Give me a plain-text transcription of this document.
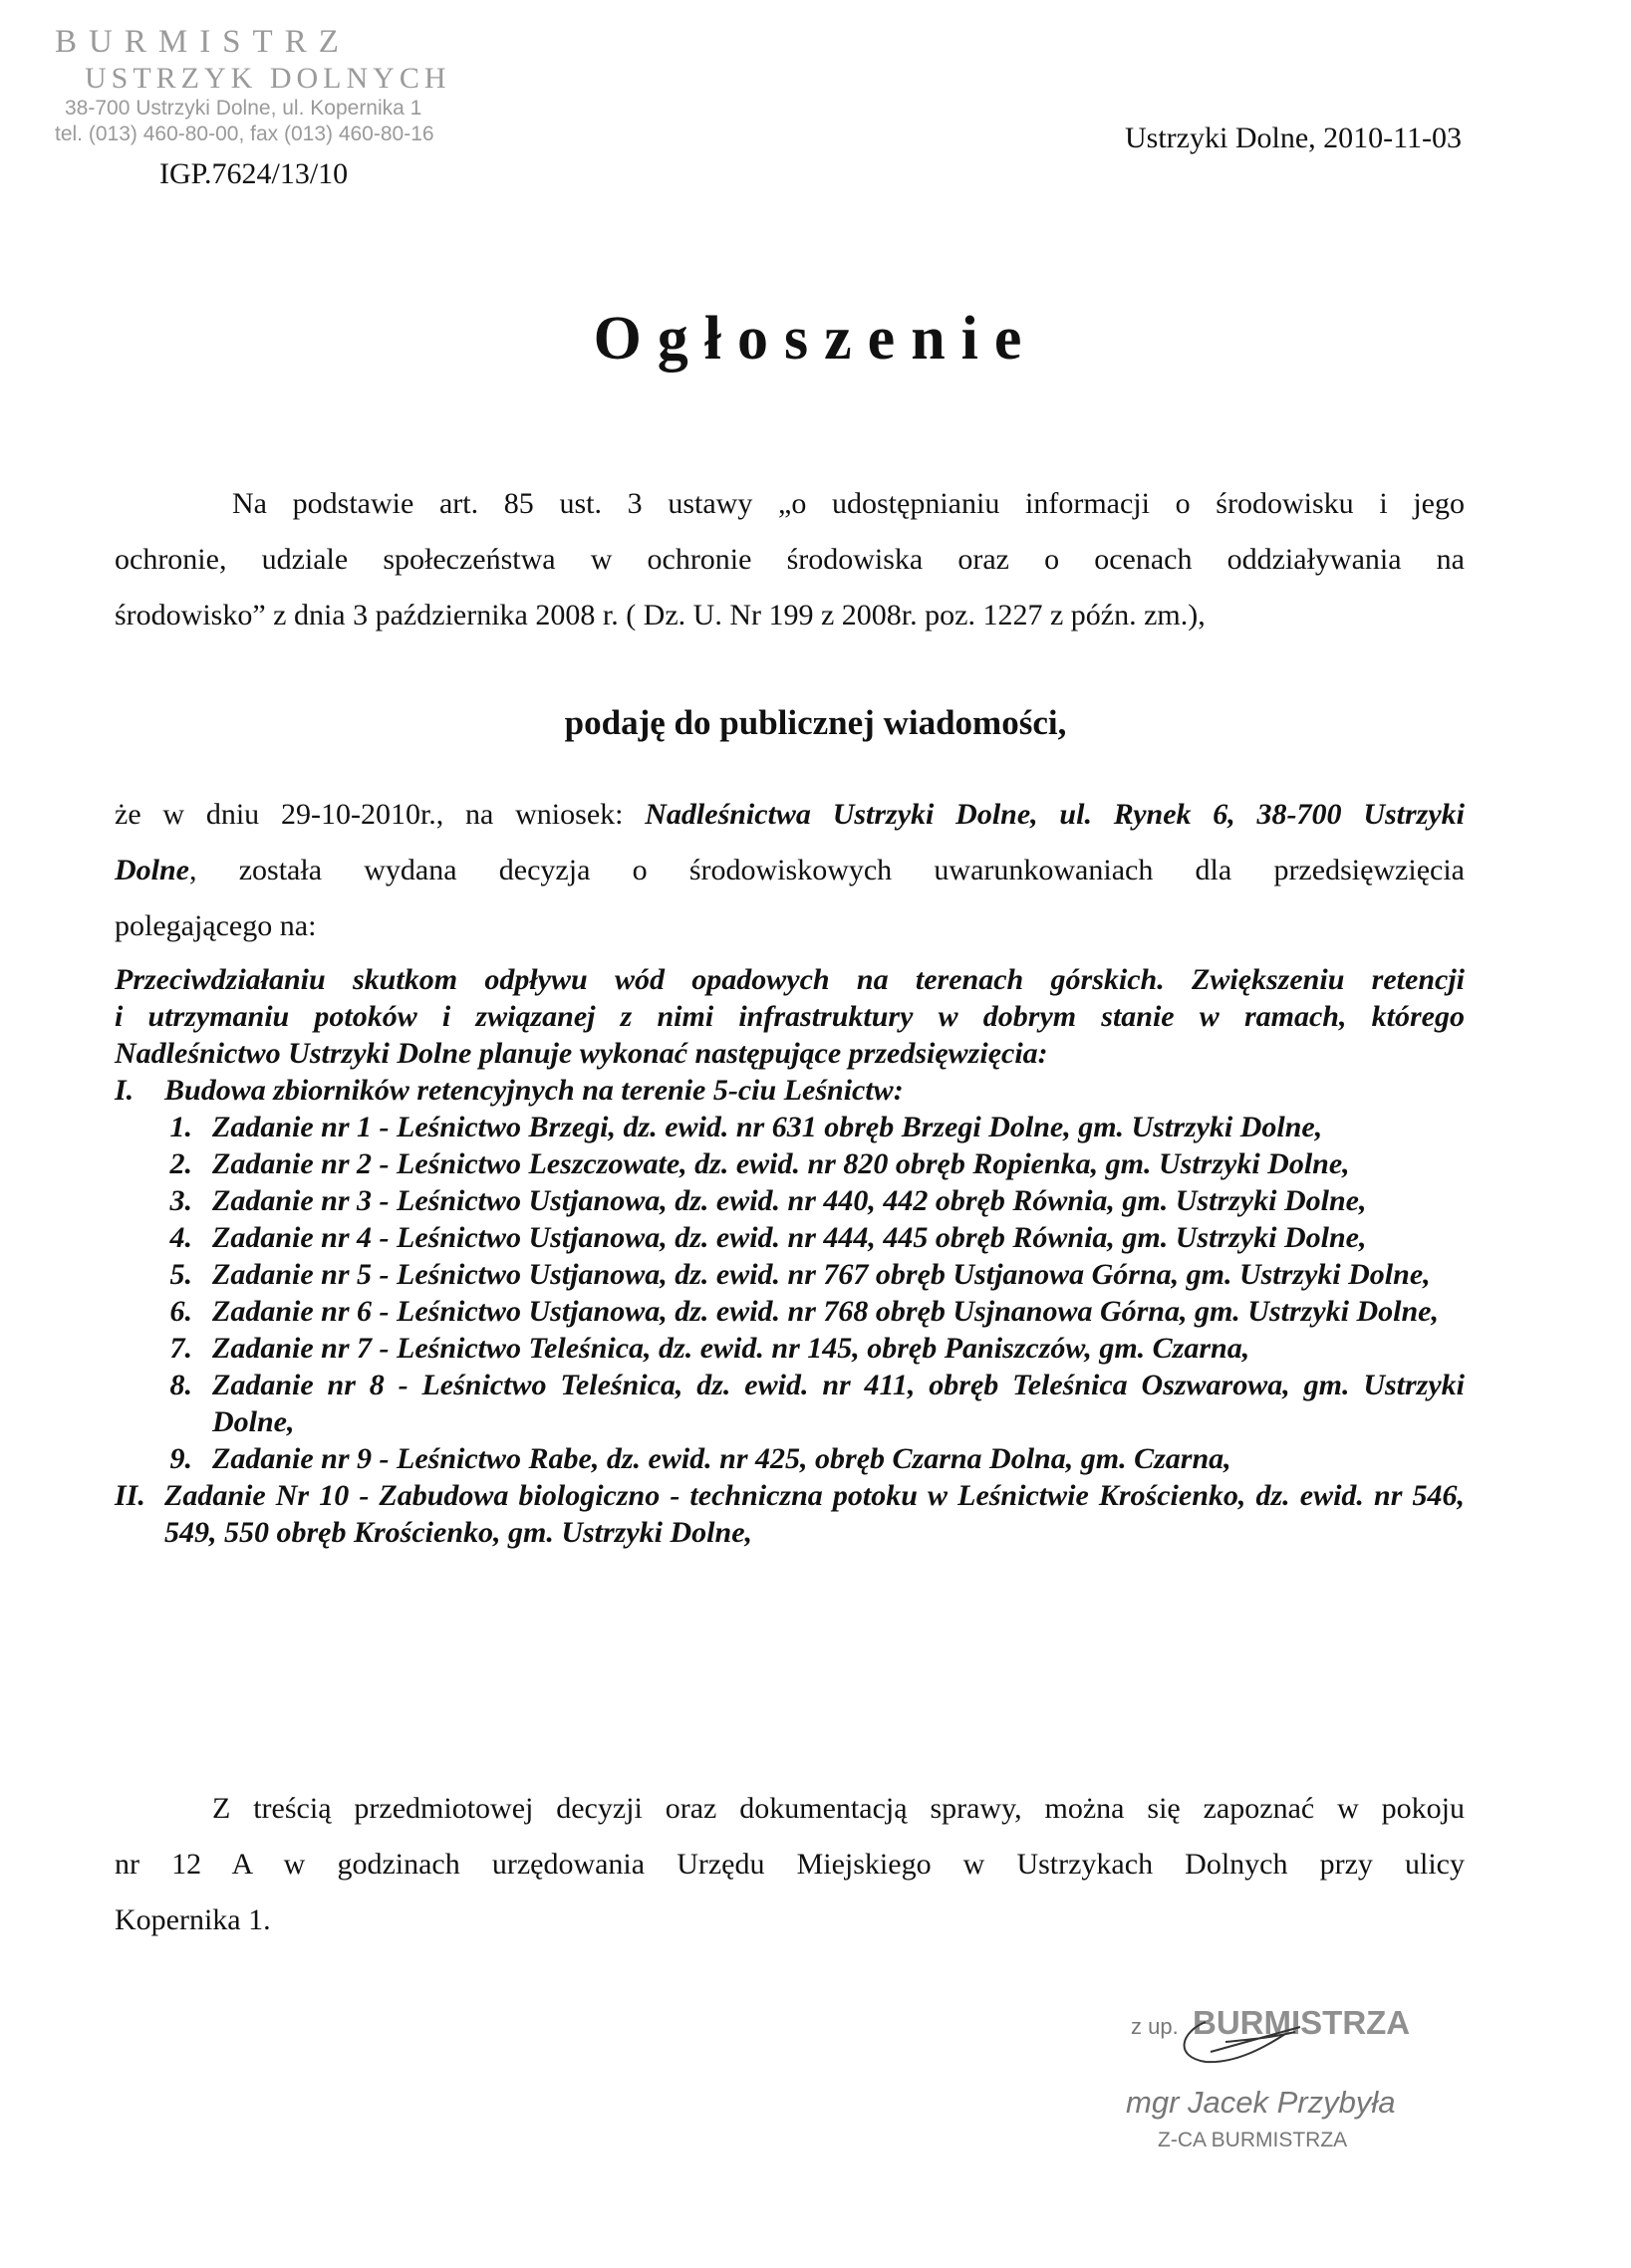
BURMISTRZ
USTRZYK DOLNYCH
38-700 Ustrzyki Dolne, ul. Kopernika 1
tel. (013) 460-80-00, fax (013) 460-80-16
IGP.7624/13/10
Ustrzyki Dolne, 2010-11-03
Ogłoszenie
Na podstawie art. 85 ust. 3 ustawy „o udostępnianiu informacji o środowisku i jego
ochronie, udziale społeczeństwa w ochronie środowiska oraz o ocenach oddziaływania na
środowisko” z dnia 3 października 2008 r. ( Dz. U. Nr 199 z 2008r. poz. 1227 z późn. zm.),
podaję do publicznej wiadomości,
że w dniu 29-10-2010r., na wniosek: Nadleśnictwa Ustrzyki Dolne, ul. Rynek 6, 38-700 Ustrzyki
Dolne, została wydana decyzja o środowiskowych uwarunkowaniach dla przedsięwzięcia
polegającego na:
Przeciwdziałaniu skutkom odpływu wód opadowych na terenach górskich. Zwiększeniu retencji
i utrzymaniu potoków i związanej z nimi infrastruktury w dobrym stanie w ramach, którego
Nadleśnictwo Ustrzyki Dolne planuje wykonać następujące przedsięwzięcia:
I.	Budowa zbiorników retencyjnych na terenie 5-ciu Leśnictw:
1. Zadanie nr 1 - Leśnictwo Brzegi, dz. ewid. nr 631 obręb Brzegi Dolne, gm. Ustrzyki Dolne,
2. Zadanie nr 2 - Leśnictwo Leszczowate, dz. ewid. nr 820 obręb Ropienka, gm. Ustrzyki Dolne,
3. Zadanie nr 3 - Leśnictwo Ustjanowa, dz. ewid. nr 440, 442 obręb Równia, gm. Ustrzyki Dolne,
4. Zadanie nr 4 - Leśnictwo Ustjanowa, dz. ewid. nr 444, 445 obręb Równia, gm. Ustrzyki Dolne,
5. Zadanie nr 5 - Leśnictwo Ustjanowa, dz. ewid. nr 767 obręb Ustjanowa Górna, gm. Ustrzyki Dolne,
6. Zadanie nr 6 - Leśnictwo Ustjanowa, dz. ewid. nr 768 obręb Usjnanowa Górna, gm. Ustrzyki Dolne,
7. Zadanie nr 7 - Leśnictwo Teleśnica, dz. ewid. nr 145, obręb Paniszczów, gm. Czarna,
8. Zadanie nr 8 - Leśnictwo Teleśnica, dz. ewid. nr 411, obręb Teleśnica Oszwarowa, gm. Ustrzyki Dolne,
9. Zadanie nr 9 - Leśnictwo Rabe, dz. ewid. nr 425, obręb Czarna Dolna, gm. Czarna,
II. Zadanie Nr 10 - Zabudowa biologiczno - techniczna potoku w Leśnictwie Krościenko, dz. ewid. nr 546, 549, 550 obręb Krościenko, gm. Ustrzyki Dolne,
Z treścią przedmiotowej decyzji oraz dokumentacją sprawy, można się zapoznać w pokoju
nr 12 A w godzinach urzędowania Urzędu Miejskiego w Ustrzykach Dolnych przy ulicy
Kopernika 1.
z up. BURMISTRZA
mgr Jacek Przybyła
Z-CA BURMISTRZA
